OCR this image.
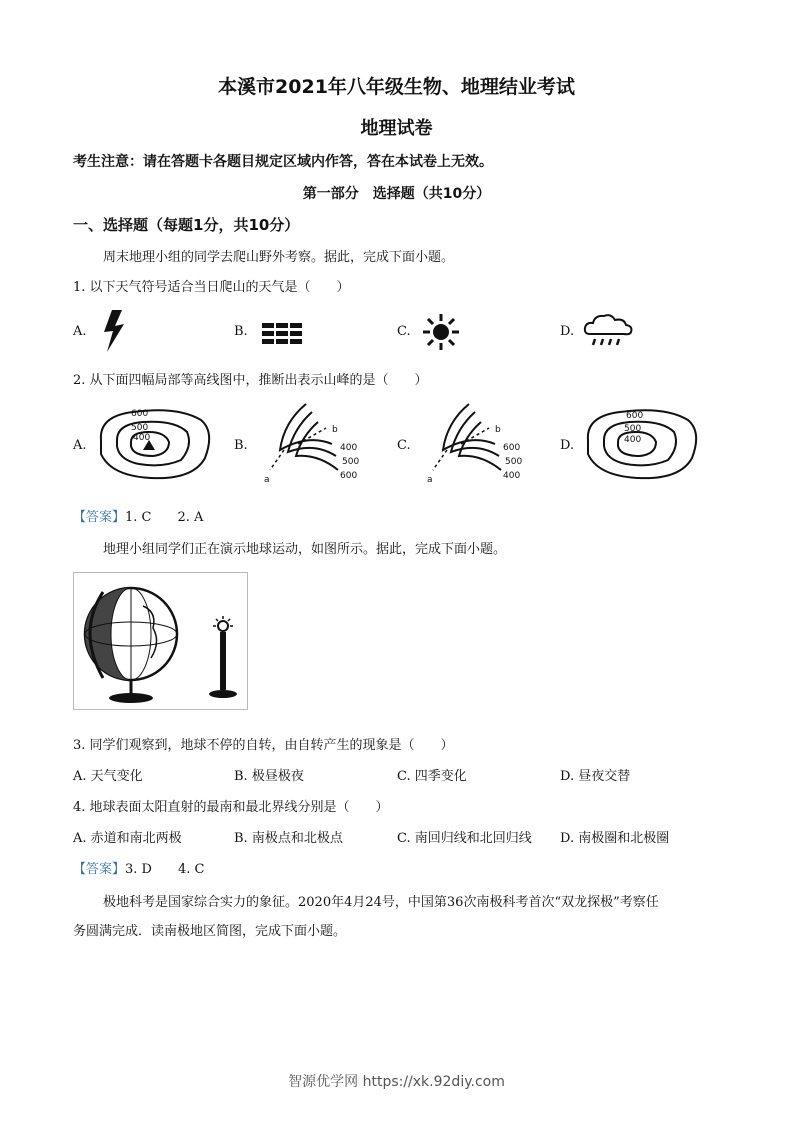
本溪市2021年八年级生物、地理结业考试
地理试卷
考生注意：请在答题卡各题目规定区域内作答，答在本试卷上无效。
第一部分　选择题（共10分）
一、选择题（每题1分，共10分）
周末地理小组的同学去爬山野外考察。据此，完成下面小题。
1. 以下天气符号适合当日爬山的天气是（　　）
A.	B.	C.	D.
2. 从下面四幅局部等高线图中，推断出表示山峰的是（　　）
A.
600
500
400	B.
b
400
500
600
a
C.
b
600
500
400
a
D.
600
500
400
【答案】1. C　　2. A
地理小组同学们正在演示地球运动，如图所示。据此，完成下面小题。
3. 同学们观察到，地球不停的自转，由自转产生的现象是（　　）
A. 天气变化	B. 极昼极夜	C. 四季变化	D. 昼夜交替
4. 地球表面太阳直射的最南和最北界线分别是（　　）
A. 赤道和南北两极	B. 南极点和北极点	C. 南回归线和北回归线 D. 南极圈和北极圈
【答案】3. D　　4. C
极地科考是国家综合实力的象征。2020年4月24号，中国第36次南极科考首次“双龙探极”考察任
务圆满完成．读南极地区简图，完成下面小题。
智源优学网 https://xk.92diy.com
